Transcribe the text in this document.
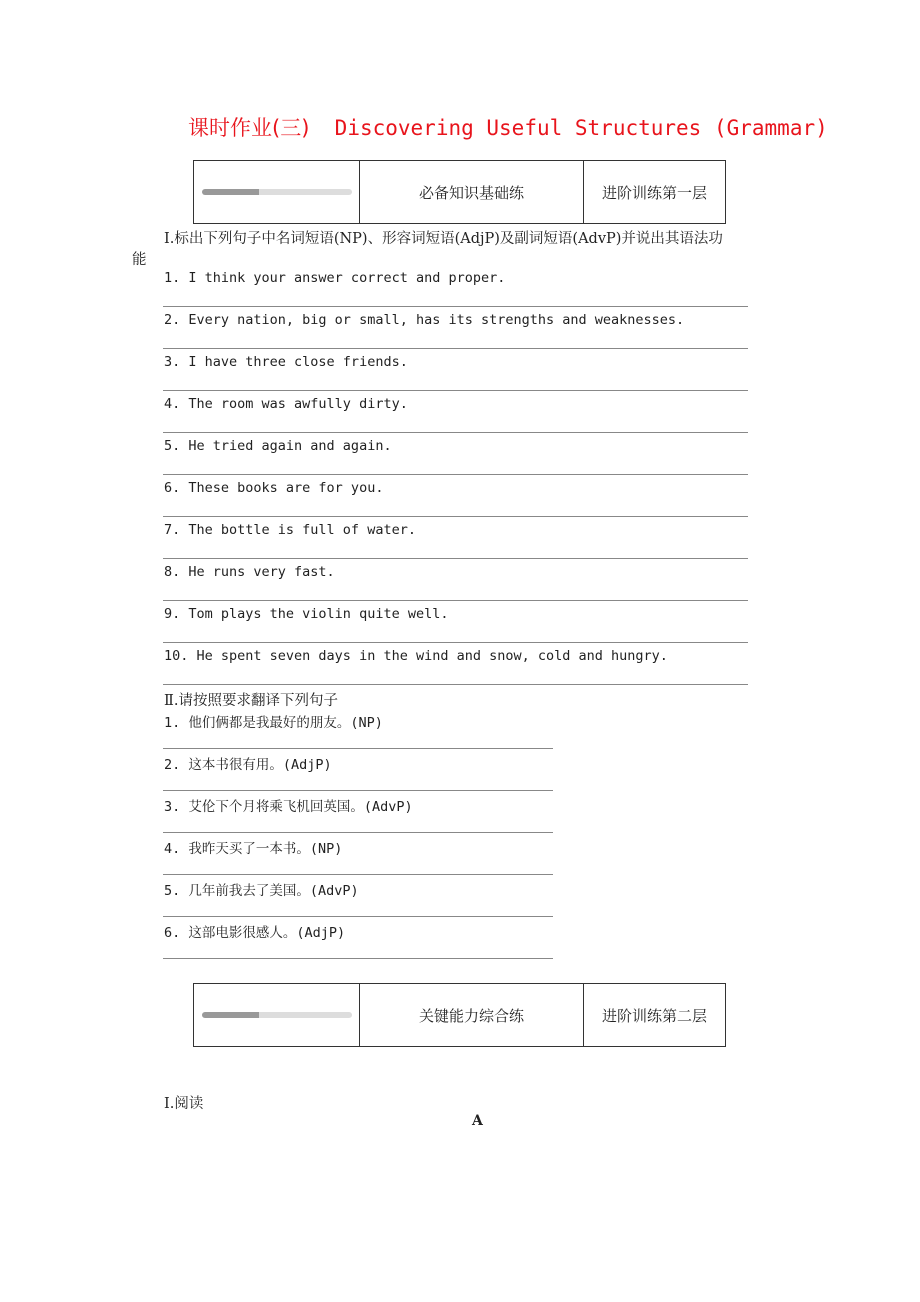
课时作业(三)  Discovering Useful Structures (Grammar)
必备知识基础练	进阶训练第一层
Ⅰ.标出下列句子中名词短语(NP)、形容词短语(AdjP)及副词短语(AdvP)并说出其语法功
能
1. I think your answer correct and proper.
2. Every nation, big or small, has its strengths and weaknesses.
3. I have three close friends.
4. The room was awfully dirty.
5. He tried again and again.
6. These books are for you.
7. The bottle is full of water.
8. He runs very fast.
9. Tom plays the violin quite well.
10. He spent seven days in the wind and snow, cold and hungry.
Ⅱ.请按照要求翻译下列句子
1. 他们俩都是我最好的朋友。(NP)
2. 这本书很有用。(AdjP)
3. 艾伦下个月将乘飞机回英国。(AdvP)
4. 我昨天买了一本书。(NP)
5. 几年前我去了美国。(AdvP)
6. 这部电影很感人。(AdjP)
关键能力综合练	进阶训练第二层
Ⅰ.阅读
A
